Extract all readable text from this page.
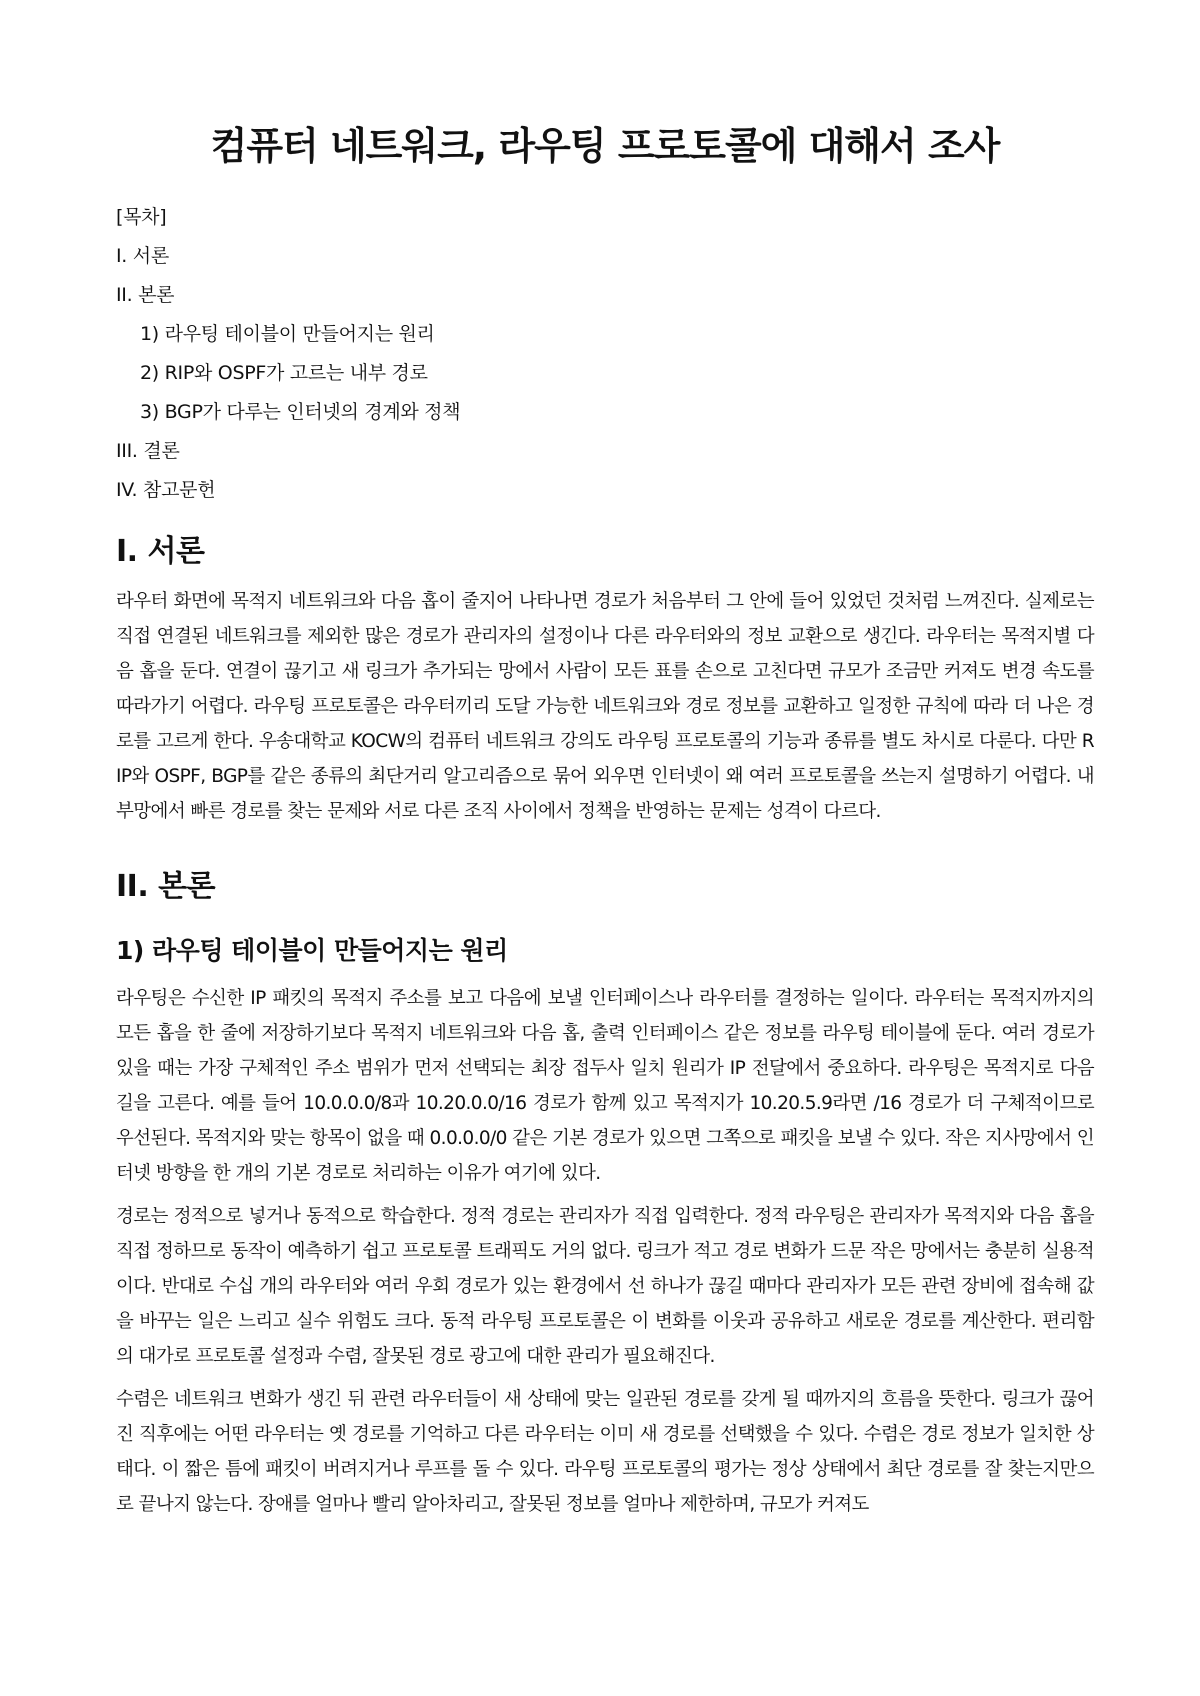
컴퓨터 네트워크, 라우팅 프로토콜에 대해서 조사
[목차]
I. 서론
II. 본론
1) 라우팅 테이블이 만들어지는 원리
2) RIP와 OSPF가 고르는 내부 경로
3) BGP가 다루는 인터넷의 경계와 정책
III. 결론
IV. 참고문헌
I. 서론

라우터 화면에 목적지 네트워크와 다음 홉이 줄지어 나타나면 경로가 처음부터 그 안에 들어 있었던 것처럼 느껴진다. 실제로는 직접 연결된 네트워크를 제외한 많은 경로가 관리자의 설정이나 다른 라우터와의 정보 교환으로 생긴다. 라우터는 목적지별 다음 홉을 둔다. 연결이 끊기고 새 링크가 추가되는 망에서 사람이 모든 표를 손으로 고친다면 규모가 조금만 커져도 변경 속도를 따라가기 어렵다. 라우팅 프로토콜은 라우터끼리 도달 가능한 네트워크와 경로 정보를 교환하고 일정한 규칙에 따라 더 나은 경로를 고르게 한다. 우송대학교 KOCW의 컴퓨터 네트워크 강의도 라우팅 프로토콜의 기능과 종류를 별도 차시로 다룬다. 다만 RIP와 OSPF, BGP를 같은 종류의 최단거리 알고리즘으로 묶어 외우면 인터넷이 왜 여러 프로토콜을 쓰는지 설명하기 어렵다. 내부망에서 빠른 경로를 찾는 문제와 서로 다른 조직 사이에서 정책을 반영하는 문제는 성격이 다르다.

II. 본론
1) 라우팅 테이블이 만들어지는 원리

라우팅은 수신한 IP 패킷의 목적지 주소를 보고 다음에 보낼 인터페이스나 라우터를 결정하는 일이다. 라우터는 목적지까지의 모든 홉을 한 줄에 저장하기보다 목적지 네트워크와 다음 홉, 출력 인터페이스 같은 정보를 라우팅 테이블에 둔다. 여러 경로가 있을 때는 가장 구체적인 주소 범위가 먼저 선택되는 최장 접두사 일치 원리가 IP 전달에서 중요하다. 라우팅은 목적지로 다음 길을 고른다. 예를 들어 10.0.0.0/8과 10.20.0.0/16 경로가 함께 있고 목적지가 10.20.5.9라면 /16 경로가 더 구체적이므로 우선된다. 목적지와 맞는 항목이 없을 때 0.0.0.0/0 같은 기본 경로가 있으면 그쪽으로 패킷을 보낼 수 있다. 작은 지사망에서 인터넷 방향을 한 개의 기본 경로로 처리하는 이유가 여기에 있다.

경로는 정적으로 넣거나 동적으로 학습한다. 정적 경로는 관리자가 직접 입력한다. 정적 라우팅은 관리자가 목적지와 다음 홉을 직접 정하므로 동작이 예측하기 쉽고 프로토콜 트래픽도 거의 없다. 링크가 적고 경로 변화가 드문 작은 망에서는 충분히 실용적이다. 반대로 수십 개의 라우터와 여러 우회 경로가 있는 환경에서 선 하나가 끊길 때마다 관리자가 모든 관련 장비에 접속해 값을 바꾸는 일은 느리고 실수 위험도 크다. 동적 라우팅 프로토콜은 이 변화를 이웃과 공유하고 새로운 경로를 계산한다. 편리함의 대가로 프로토콜 설정과 수렴, 잘못된 경로 광고에 대한 관리가 필요해진다.

수렴은 네트워크 변화가 생긴 뒤 관련 라우터들이 새 상태에 맞는 일관된 경로를 갖게 될 때까지의 흐름을 뜻한다. 링크가 끊어진 직후에는 어떤 라우터는 옛 경로를 기억하고 다른 라우터는 이미 새 경로를 선택했을 수 있다. 수렴은 경로 정보가 일치한 상태다. 이 짧은 틈에 패킷이 버려지거나 루프를 돌 수 있다. 라우팅 프로토콜의 평가는 정상 상태에서 최단 경로를 잘 찾는지만으로 끝나지 않는다. 장애를 얼마나 빨리 알아차리고, 잘못된 정보를 얼마나 제한하며, 규모가 커져도
